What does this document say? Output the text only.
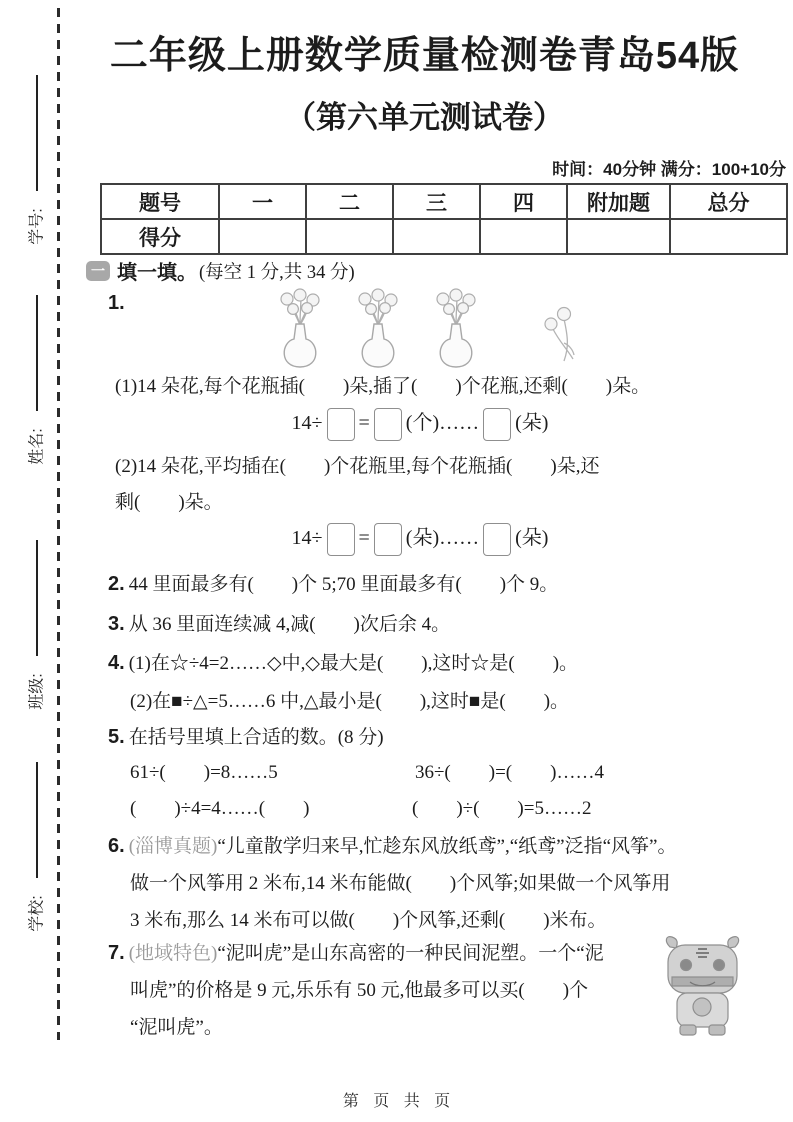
学号:
姓名:
班级:
学校:
二年级上册数学质量检测卷青岛54版
（第六单元测试卷）
时间：40分钟 满分：100+10分
题号	一	二	三	四	附加题	总分
得分						
一 填一填。 (每空 1 分,共 34 分)
1.
(1)14 朵花,每个花瓶插(　　)朵,插了(　　)个花瓶,还剩(　　)朵。
14÷ = (个)…… (朵)
(2)14 朵花,平均插在(　　)个花瓶里,每个花瓶插(　　)朵,还
剩(　　)朵。
14÷ = (朵)…… (朵)
2. 44 里面最多有(　　)个 5;70 里面最多有(　　)个 9。
3. 从 36 里面连续减 4,减(　　)次后余 4。
4. (1)在☆÷4=2……◇中,◇最大是(　　),这时☆是(　　)。
(2)在■÷△=5……6 中,△最小是(　　),这时■是(　　)。
5. 在括号里填上合适的数。(8 分)
61÷(　　)=8……5	36÷(　　)=(　　)……4
(　　)÷4=4……(　　)	(　　)÷(　　)=5……2
6. (淄博真题)“儿童散学归来早,忙趁东风放纸鸢”,“纸鸢”泛指“风筝”。
做一个风筝用 2 米布,14 米布能做(　　)个风筝;如果做一个风筝用
3 米布,那么 14 米布可以做(　　)个风筝,还剩(　　)米布。
7. (地域特色)“泥叫虎”是山东高密的一种民间泥塑。一个“泥
叫虎”的价格是 9 元,乐乐有 50 元,他最多可以买(　　)个
“泥叫虎”。
第 页 共 页
